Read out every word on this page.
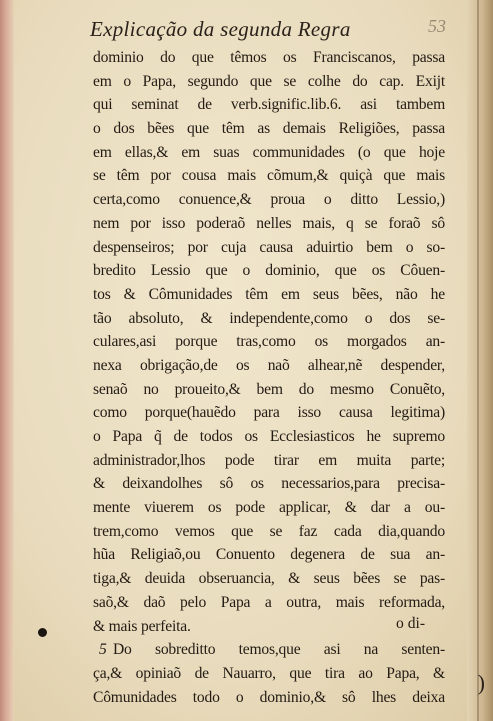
Explicação da segunda Regra	53
dominio do que têmos os Franciscanos, passa
em o Papa, segundo que se colhe do cap. Exijt
qui seminat de verb.signific.lib.6. asi tambem
o dos bẽes que têm as demais Religiões, passa
em ellas,& em suas communidades (o que hoje
se têm por cousa mais cõmum,& quiçà que mais
certa,como conuence,& proua o ditto Lessio,)
nem por isso poderaõ nelles mais, q se foraõ sô
despenseiros; por cuja causa aduirtio bem o so-
bredito Lessio que o dominio, que os Côuen-
tos & Cômunidades têm em seus bẽes, não he
tão absoluto, & independente,como o dos se-
culares,asi porque tras,como os morgados an-
nexa obrigação,de os naõ alhear,nẽ despender,
senaõ no proueito,& bem do mesmo Conuẽto,
como porque(hauẽdo para isso causa legitima)
o Papa q̃ de todos os Ecclesiasticos he supremo
administrador,lhos pode tirar em muita parte;
& deixandolhes sô os necessarios,para precisa-
mente viuerem os pode applicar, & dar a ou-
trem,como vemos que se faz cada dia,quando
hũa Religiaõ,ou Conuento degenera de sua an-
tiga,& deuida obseruancia, & seus bẽes se pas-
saõ,& daõ pelo Papa a outra, mais reformada,
& mais perfeita.
5 Do sobreditto temos,que asi na senten-
ça,& opiniaõ de Nauarro, que tira ao Papa, &
Cômunidades todo o dominio,& sô lhes deixa
o di-
)
